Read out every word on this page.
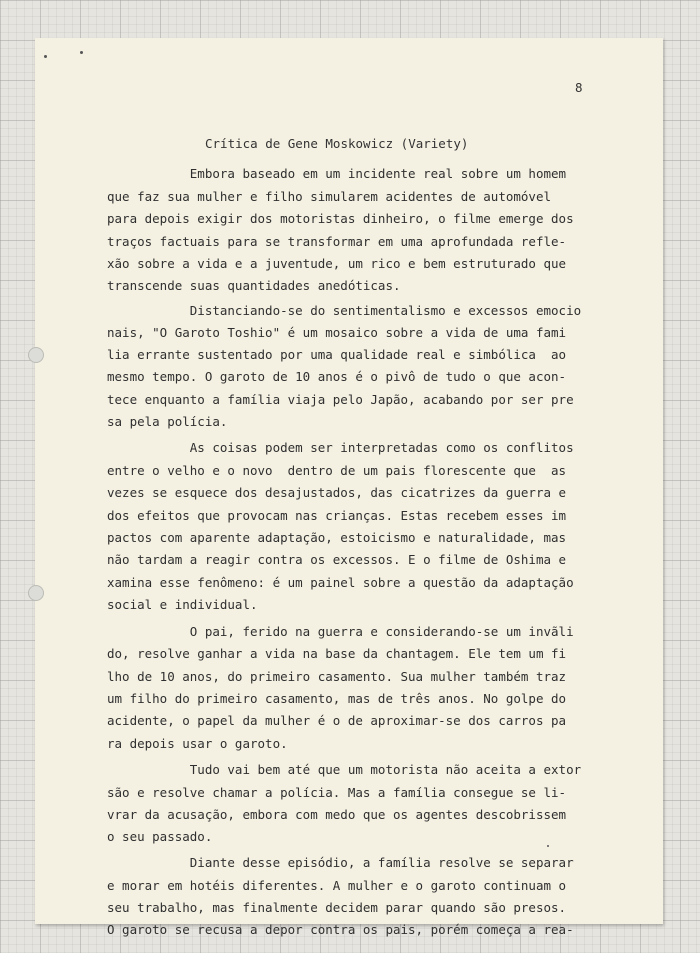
8
Crítica de Gene Moskowicz (Variety)
Embora baseado em um incidente real sobre um homem
que faz sua mulher e filho simularem acidentes de automóvel
para depois exigir dos motoristas dinheiro, o filme emerge dos
traços factuais para se transformar em uma aprofundada refle-
xão sobre a vida e a juventude, um rico e bem estruturado que
transcende suas quantidades anedóticas.
Distanciando-se do sentimentalismo e excessos emocio
nais, "O Garoto Toshio" é um mosaico sobre a vida de uma fami
lia errante sustentado por uma qualidade real e simbólica  ao
mesmo tempo. O garoto de 10 anos é o pivô de tudo o que acon-
tece enquanto a família viaja pelo Japão, acabando por ser pre
sa pela polícia.
As coisas podem ser interpretadas como os conflitos
entre o velho e o novo  dentro de um pais florescente que  as
vezes se esquece dos desajustados, das cicatrizes da guerra e
dos efeitos que provocam nas crianças. Estas recebem esses im
pactos com aparente adaptação, estoicismo e naturalidade, mas
não tardam a reagir contra os excessos. E o filme de Oshima e
xamina esse fenômeno: é um painel sobre a questão da adaptação
social e individual.
O pai, ferido na guerra e considerando-se um invãli
do, resolve ganhar a vida na base da chantagem. Ele tem um fi
lho de 10 anos, do primeiro casamento. Sua mulher também traz
um filho do primeiro casamento, mas de três anos. No golpe do
acidente, o papel da mulher é o de aproximar-se dos carros pa
ra depois usar o garoto.
Tudo vai bem até que um motorista não aceita a extor
são e resolve chamar a polícia. Mas a família consegue se li-
vrar da acusação, embora com medo que os agentes descobrissem
o seu passado.
Diante desse episódio, a família resolve se separar
e morar em hotéis diferentes. A mulher e o garoto continuam o
seu trabalho, mas finalmente decidem parar quando são presos.
O garoto se recusa a depor contra os pais, porém começa a rea-
